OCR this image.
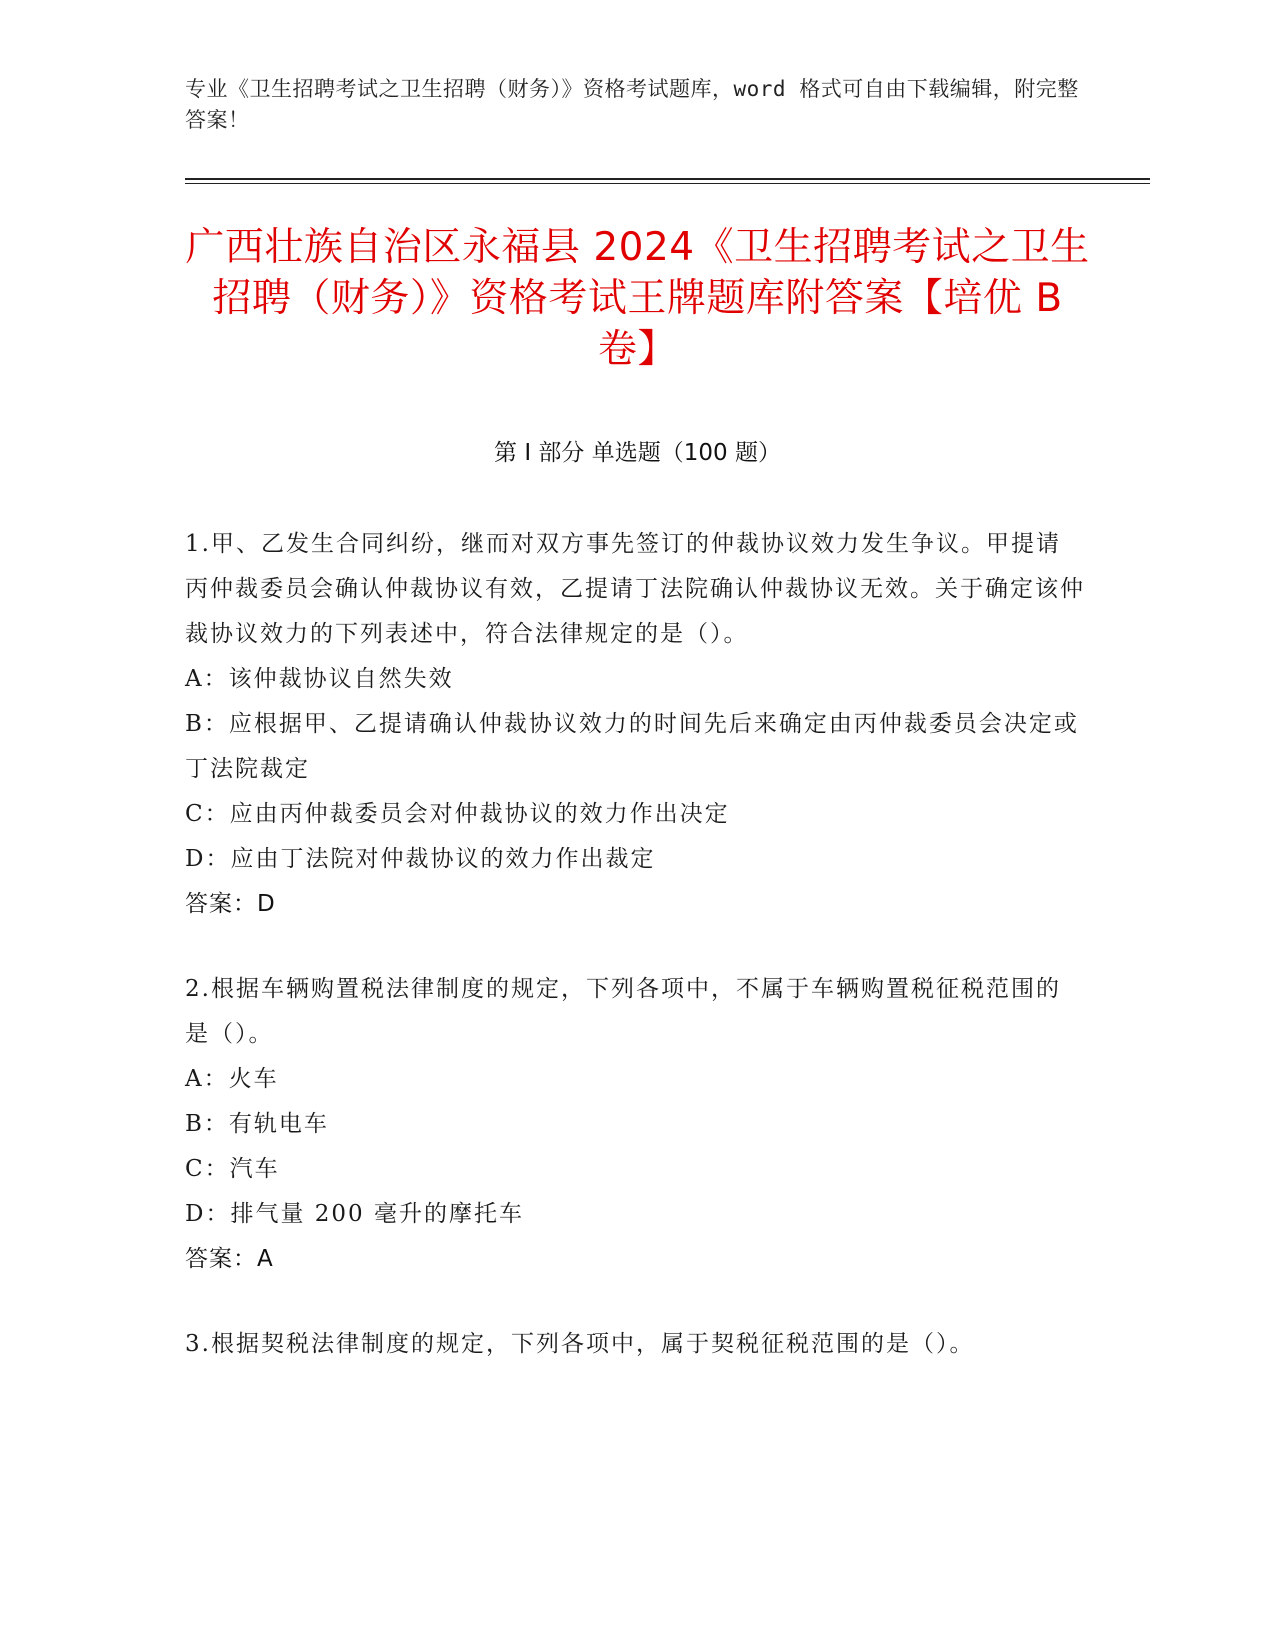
专业《卫生招聘考试之卫生招聘（财务）》资格考试题库，word 格式可自由下载编辑，附完整答案！
广西壮族自治区永福县 2024《卫生招聘考试之卫生招聘（财务）》资格考试王牌题库附答案【培优 B 卷】
第 I 部分 单选题（100 题）

1.甲、乙发生合同纠纷，继而对双方事先签订的仲裁协议效力发生争议。甲提请丙仲裁委员会确认仲裁协议有效，乙提请丁法院确认仲裁协议无效。关于确定该仲裁协议效力的下列表述中，符合法律规定的是（）。

A：该仲裁协议自然失效

B：应根据甲、乙提请确认仲裁协议效力的时间先后来确定由丙仲裁委员会决定或丁法院裁定

C：应由丙仲裁委员会对仲裁协议的效力作出决定

D：应由丁法院对仲裁协议的效力作出裁定

答案：D

2.根据车辆购置税法律制度的规定，下列各项中，不属于车辆购置税征税范围的是（）。

A：火车

B：有轨电车

C：汽车

D：排气量 200 毫升的摩托车

答案：A

3.根据契税法律制度的规定，下列各项中，属于契税征税范围的是（）。
